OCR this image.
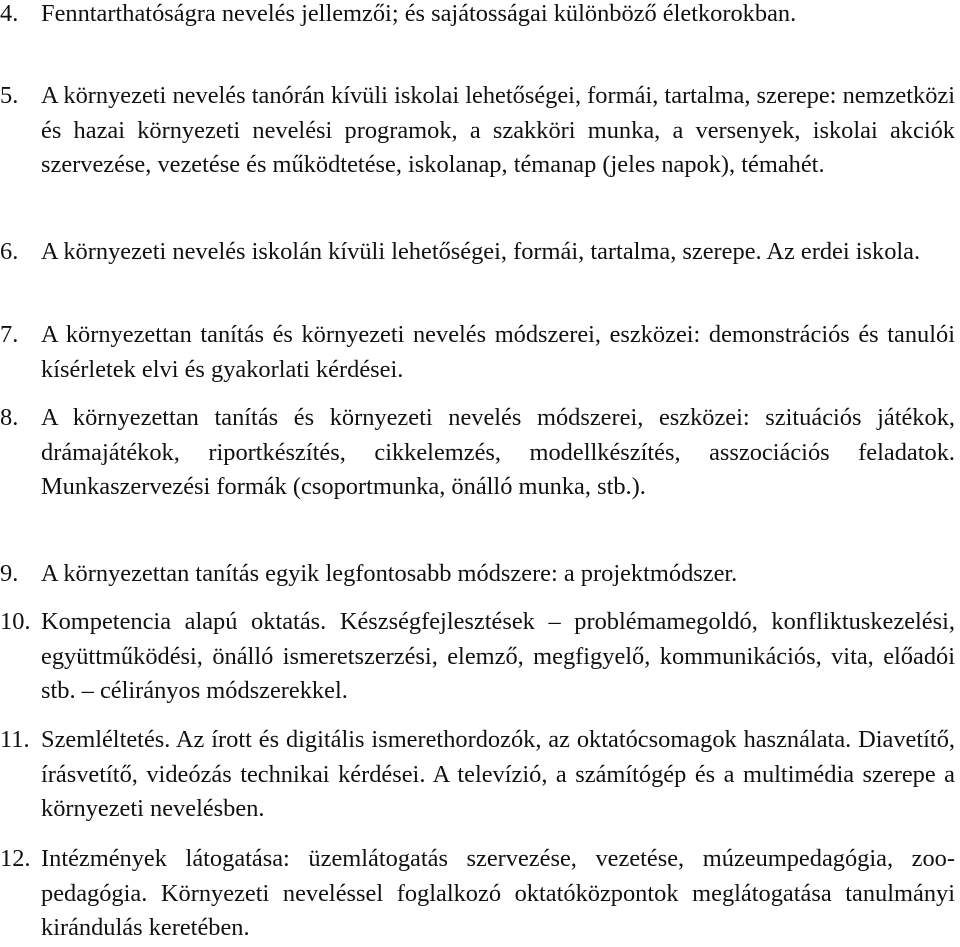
4. Fenntarthatóságra nevelés jellemzői; és sajátosságai különböző életkorokban.

5. A környezeti nevelés tanórán kívüli iskolai lehetőségei, formái, tartalma, szerepe: nemzetközi és hazai környezeti nevelési programok, a szakköri munka, a versenyek, iskolai akciók szervezése, vezetése és működtetése, iskolanap, témanap (jeles napok), témahét.

6. A környezeti nevelés iskolán kívüli lehetőségei, formái, tartalma, szerepe. Az erdei iskola.

7. A környezettan tanítás és környezeti nevelés módszerei, eszközei: demonstrációs és tanulói kísérletek elvi és gyakorlati kérdései.

8. A környezettan tanítás és környezeti nevelés módszerei, eszközei: szituációs játékok, drámajátékok, riportkészítés, cikkelemzés, modellkészítés, asszociációs feladatok. Munkaszervezési formák (csoportmunka, önálló munka, stb.).

9. A környezettan tanítás egyik legfontosabb módszere: a projektmódszer.

10. Kompetencia alapú oktatás. Készségfejlesztések – problémamegoldó, konfliktuskezelési, együttműködési, önálló ismeretszerzési, elemző, megfigyelő, kommunikációs, vita, előadói stb. – célirányos módszerekkel.

11. Szemléltetés. Az írott és digitális ismerethordozók, az oktatócsomagok használata. Diavetítő, írásvetítő, videózás technikai kérdései. A televízió, a számítógép és a multimédia szerepe a környezeti nevelésben.

12. Intézmények látogatása: üzemlátogatás szervezése, vezetése, múzeumpedagógia, zoo-pedagógia. Környezeti neveléssel foglalkozó oktatóközpontok meglátogatása tanulmányi kirándulás keretében.
